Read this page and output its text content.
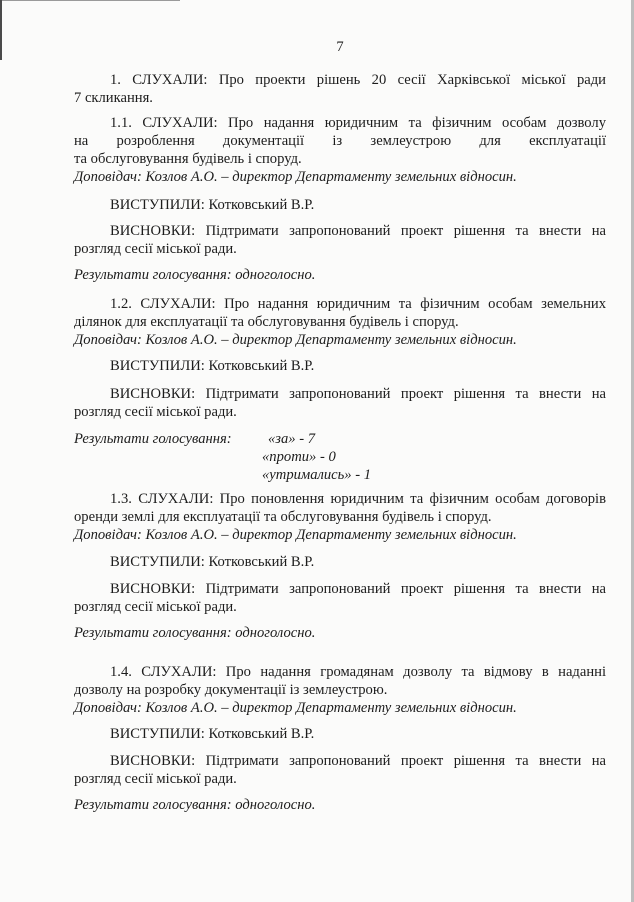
7

1. СЛУХАЛИ: Про проекти рішень 20 сесії Харківської міської ради

7 скликання.

1.1. СЛУХАЛИ: Про надання юридичним та фізичним особам дозволу

на розроблення документації із землеустрою для експлуатації

та обслуговування будівель і споруд.

Доповідач: Козлов А.О. – директор Департаменту земельних відносин.

ВИСТУПИЛИ: Котковський В.Р.

ВИСНОВКИ: Підтримати запропонований проект рішення та внести на

розгляд сесії міської ради.

Результати голосування: одноголосно.

1.2. СЛУХАЛИ: Про надання юридичним та фізичним особам земельних

ділянок для експлуатації та обслуговування будівель і споруд.

Доповідач: Козлов А.О. – директор Департаменту земельних відносин.

ВИСТУПИЛИ: Котковський В.Р.

ВИСНОВКИ: Підтримати запропонований проект рішення та внести на

розгляд сесії міської ради.

Результати голосування: «за» - 7
«проти» - 0
«утримались» - 1

1.3. СЛУХАЛИ: Про поновлення юридичним та фізичним особам договорів

оренди землі для експлуатації та обслуговування будівель і споруд.

Доповідач: Козлов А.О. – директор Департаменту земельних відносин.

ВИСТУПИЛИ: Котковський В.Р.

ВИСНОВКИ: Підтримати запропонований проект рішення та внести на

розгляд сесії міської ради.

Результати голосування: одноголосно.

1.4. СЛУХАЛИ: Про надання громадянам дозволу та відмову в наданні

дозволу на розробку документації із землеустрою.

Доповідач: Козлов А.О. – директор Департаменту земельних відносин.

ВИСТУПИЛИ: Котковський В.Р.

ВИСНОВКИ: Підтримати запропонований проект рішення та внести на

розгляд сесії міської ради.

Результати голосування: одноголосно.
